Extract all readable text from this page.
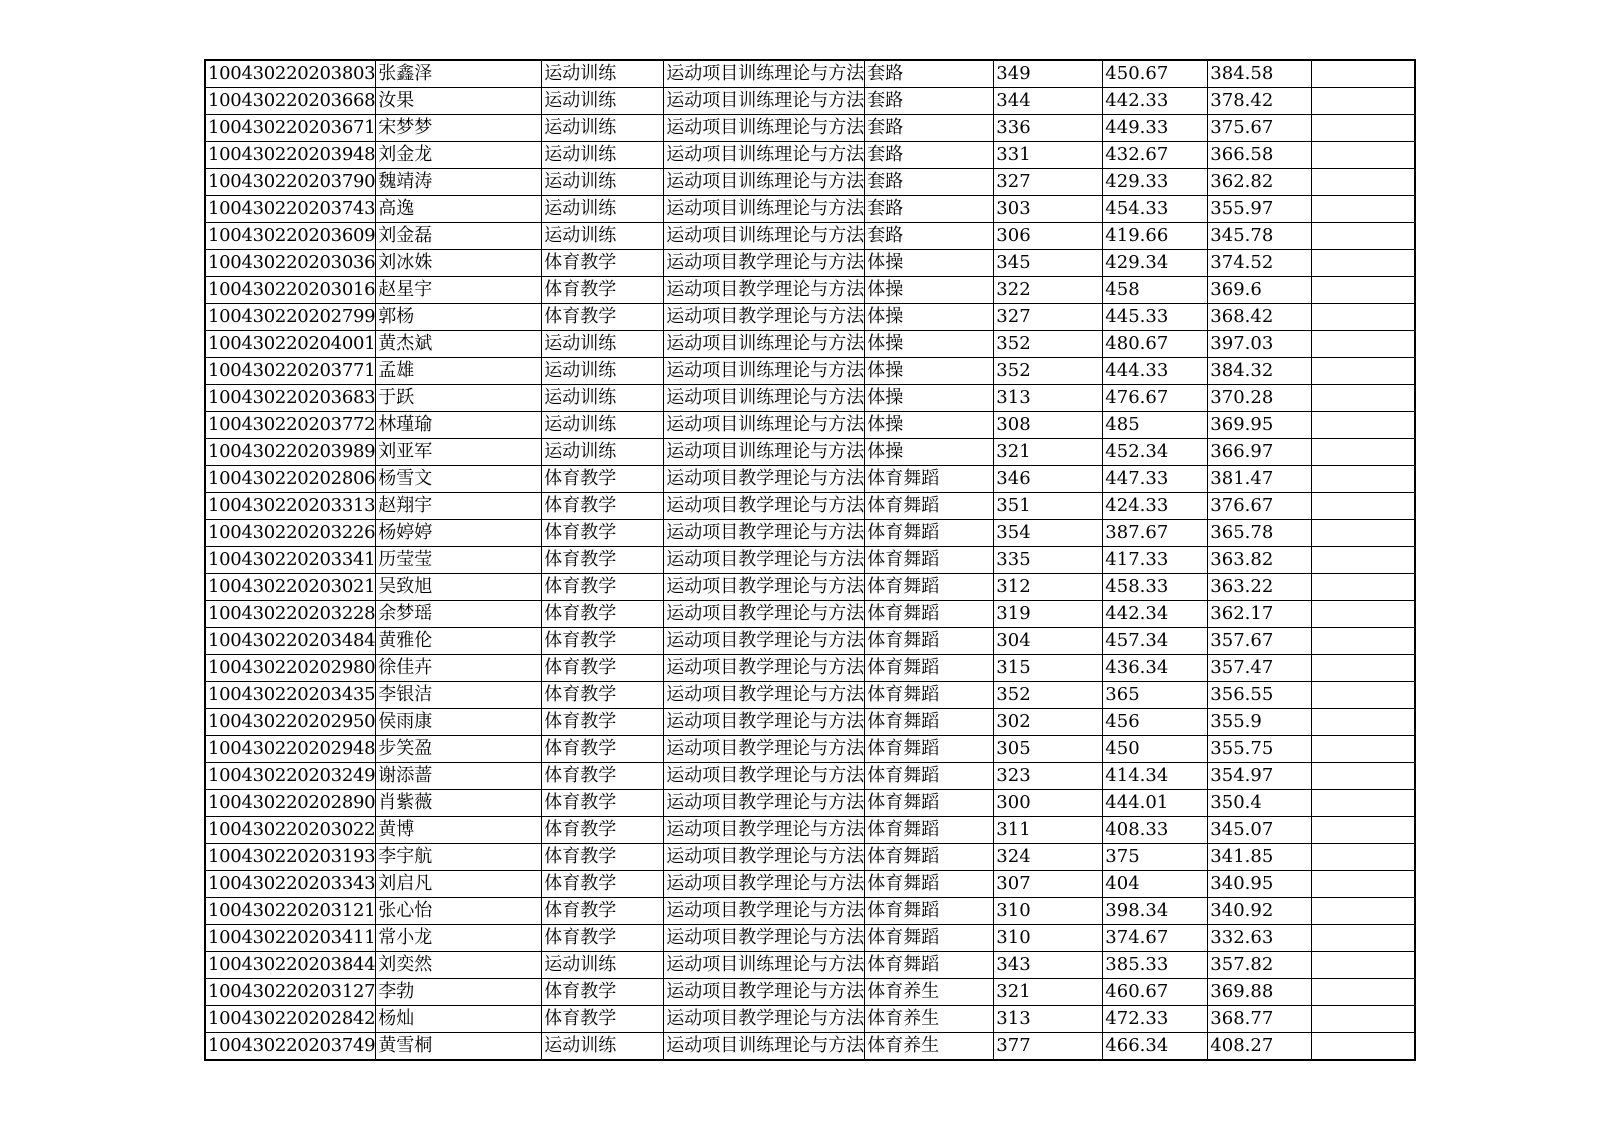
100430220203803	张鑫泽	运动训练	运动项目训练理论与方法	套路	349	450.67	384.58	
100430220203668	汝果	运动训练	运动项目训练理论与方法	套路	344	442.33	378.42	
100430220203671	宋梦梦	运动训练	运动项目训练理论与方法	套路	336	449.33	375.67	
100430220203948	刘金龙	运动训练	运动项目训练理论与方法	套路	331	432.67	366.58	
100430220203790	魏靖涛	运动训练	运动项目训练理论与方法	套路	327	429.33	362.82	
100430220203743	高逸	运动训练	运动项目训练理论与方法	套路	303	454.33	355.97	
100430220203609	刘金磊	运动训练	运动项目训练理论与方法	套路	306	419.66	345.78	
100430220203036	刘冰姝	体育教学	运动项目教学理论与方法	体操	345	429.34	374.52	
100430220203016	赵星宇	体育教学	运动项目教学理论与方法	体操	322	458	369.6	
100430220202799	郭杨	体育教学	运动项目教学理论与方法	体操	327	445.33	368.42	
100430220204001	黄杰斌	运动训练	运动项目训练理论与方法	体操	352	480.67	397.03	
100430220203771	孟雄	运动训练	运动项目训练理论与方法	体操	352	444.33	384.32	
100430220203683	于跃	运动训练	运动项目训练理论与方法	体操	313	476.67	370.28	
100430220203772	林瑾瑜	运动训练	运动项目训练理论与方法	体操	308	485	369.95	
100430220203989	刘亚军	运动训练	运动项目训练理论与方法	体操	321	452.34	366.97	
100430220202806	杨雪文	体育教学	运动项目教学理论与方法	体育舞蹈	346	447.33	381.47	
100430220203313	赵翔宇	体育教学	运动项目教学理论与方法	体育舞蹈	351	424.33	376.67	
100430220203226	杨婷婷	体育教学	运动项目教学理论与方法	体育舞蹈	354	387.67	365.78	
100430220203341	历莹莹	体育教学	运动项目教学理论与方法	体育舞蹈	335	417.33	363.82	
100430220203021	吴致旭	体育教学	运动项目教学理论与方法	体育舞蹈	312	458.33	363.22	
100430220203228	余梦瑶	体育教学	运动项目教学理论与方法	体育舞蹈	319	442.34	362.17	
100430220203484	黄雅伦	体育教学	运动项目教学理论与方法	体育舞蹈	304	457.34	357.67	
100430220202980	徐佳卉	体育教学	运动项目教学理论与方法	体育舞蹈	315	436.34	357.47	
100430220203435	李银洁	体育教学	运动项目教学理论与方法	体育舞蹈	352	365	356.55	
100430220202950	侯雨康	体育教学	运动项目教学理论与方法	体育舞蹈	302	456	355.9	
100430220202948	步笑盈	体育教学	运动项目教学理论与方法	体育舞蹈	305	450	355.75	
100430220203249	谢添蔷	体育教学	运动项目教学理论与方法	体育舞蹈	323	414.34	354.97	
100430220202890	肖紫薇	体育教学	运动项目教学理论与方法	体育舞蹈	300	444.01	350.4	
100430220203022	黄博	体育教学	运动项目教学理论与方法	体育舞蹈	311	408.33	345.07	
100430220203193	李宇航	体育教学	运动项目教学理论与方法	体育舞蹈	324	375	341.85	
100430220203343	刘启凡	体育教学	运动项目教学理论与方法	体育舞蹈	307	404	340.95	
100430220203121	张心怡	体育教学	运动项目教学理论与方法	体育舞蹈	310	398.34	340.92	
100430220203411	常小龙	体育教学	运动项目教学理论与方法	体育舞蹈	310	374.67	332.63	
100430220203844	刘奕然	运动训练	运动项目训练理论与方法	体育舞蹈	343	385.33	357.82	
100430220203127	李勃	体育教学	运动项目教学理论与方法	体育养生	321	460.67	369.88	
100430220202842	杨灿	体育教学	运动项目教学理论与方法	体育养生	313	472.33	368.77	
100430220203749	黄雪桐	运动训练	运动项目训练理论与方法	体育养生	377	466.34	408.27	
